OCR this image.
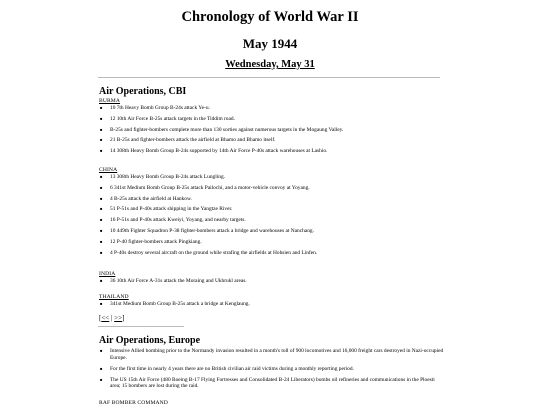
Chronology of World War II
May 1944
Wednesday, May 31
Air Operations, CBI
BURMA
■ 10 7th Heavy Bomb Group B-24s attack Ye-u.
■ 12 10th Air Force B-25s attack targets in the Tiddim road.
■ B-25s and fighter-bombers complete more than 130 sorties against numerous targets in the Mogaung Valley.
■ 21 B-25s and fighter-bombers attack the airfield at Bhamo and Bhamo itself.
■ 14 308th Heavy Bomb Group B-24s supported by 14th Air Force P-40s attack warehouses at Lashio.
CHINA
■ 13 308th Heavy Bomb Group B-24s attack Lungling.
■ 6 341st Medium Bomb Group B-25s attack Pailochi, and a motor-vehicle convoy at Yoyang.
■ 4 B-25s attack the airfield at Hankow.
■ 51 P-51s and P-40s attack shipping in the Yangtze River.
■ 16 P-51s and P-40s attack Kweiyi, Yoyang, and nearby targets.
■ 10 449th Fighter Squadron P-38 fighter-bombers attack a bridge and warehouses at Nanchang.
■ 12 P-40 fighter-bombers attack Pingkiang.
■ 4 P-40s destroy several aircraft on the ground while strafing the airfields at Hohsien and Linfen.
INDIA
■ 36 10th Air Force A-31s attack the Moraing and Ukhrukl areas.
THAILAND
■ 341st Medium Bomb Group B-25s attack a bridge at Kenglaung.
[<< | >>]
Air Operations, Europe
■ Intensive Allied bombing prior to the Normandy invasion resulted in a month's toll of 900 locomotives and 16,000 freight cars destroyed in Nazi-occupied Europe.
■ For the first time in nearly 4 years there are no British civilian air raid victims during a monthly reporting period.
■ The US 15th Air Force (480 Boeing B-17 Flying Fortresses and Consolidated B-24 Liberators) bombs oil refineries and communications in the Ploesti area; 15 bombers are lost during the raid.
RAF BOMBER COMMAND
